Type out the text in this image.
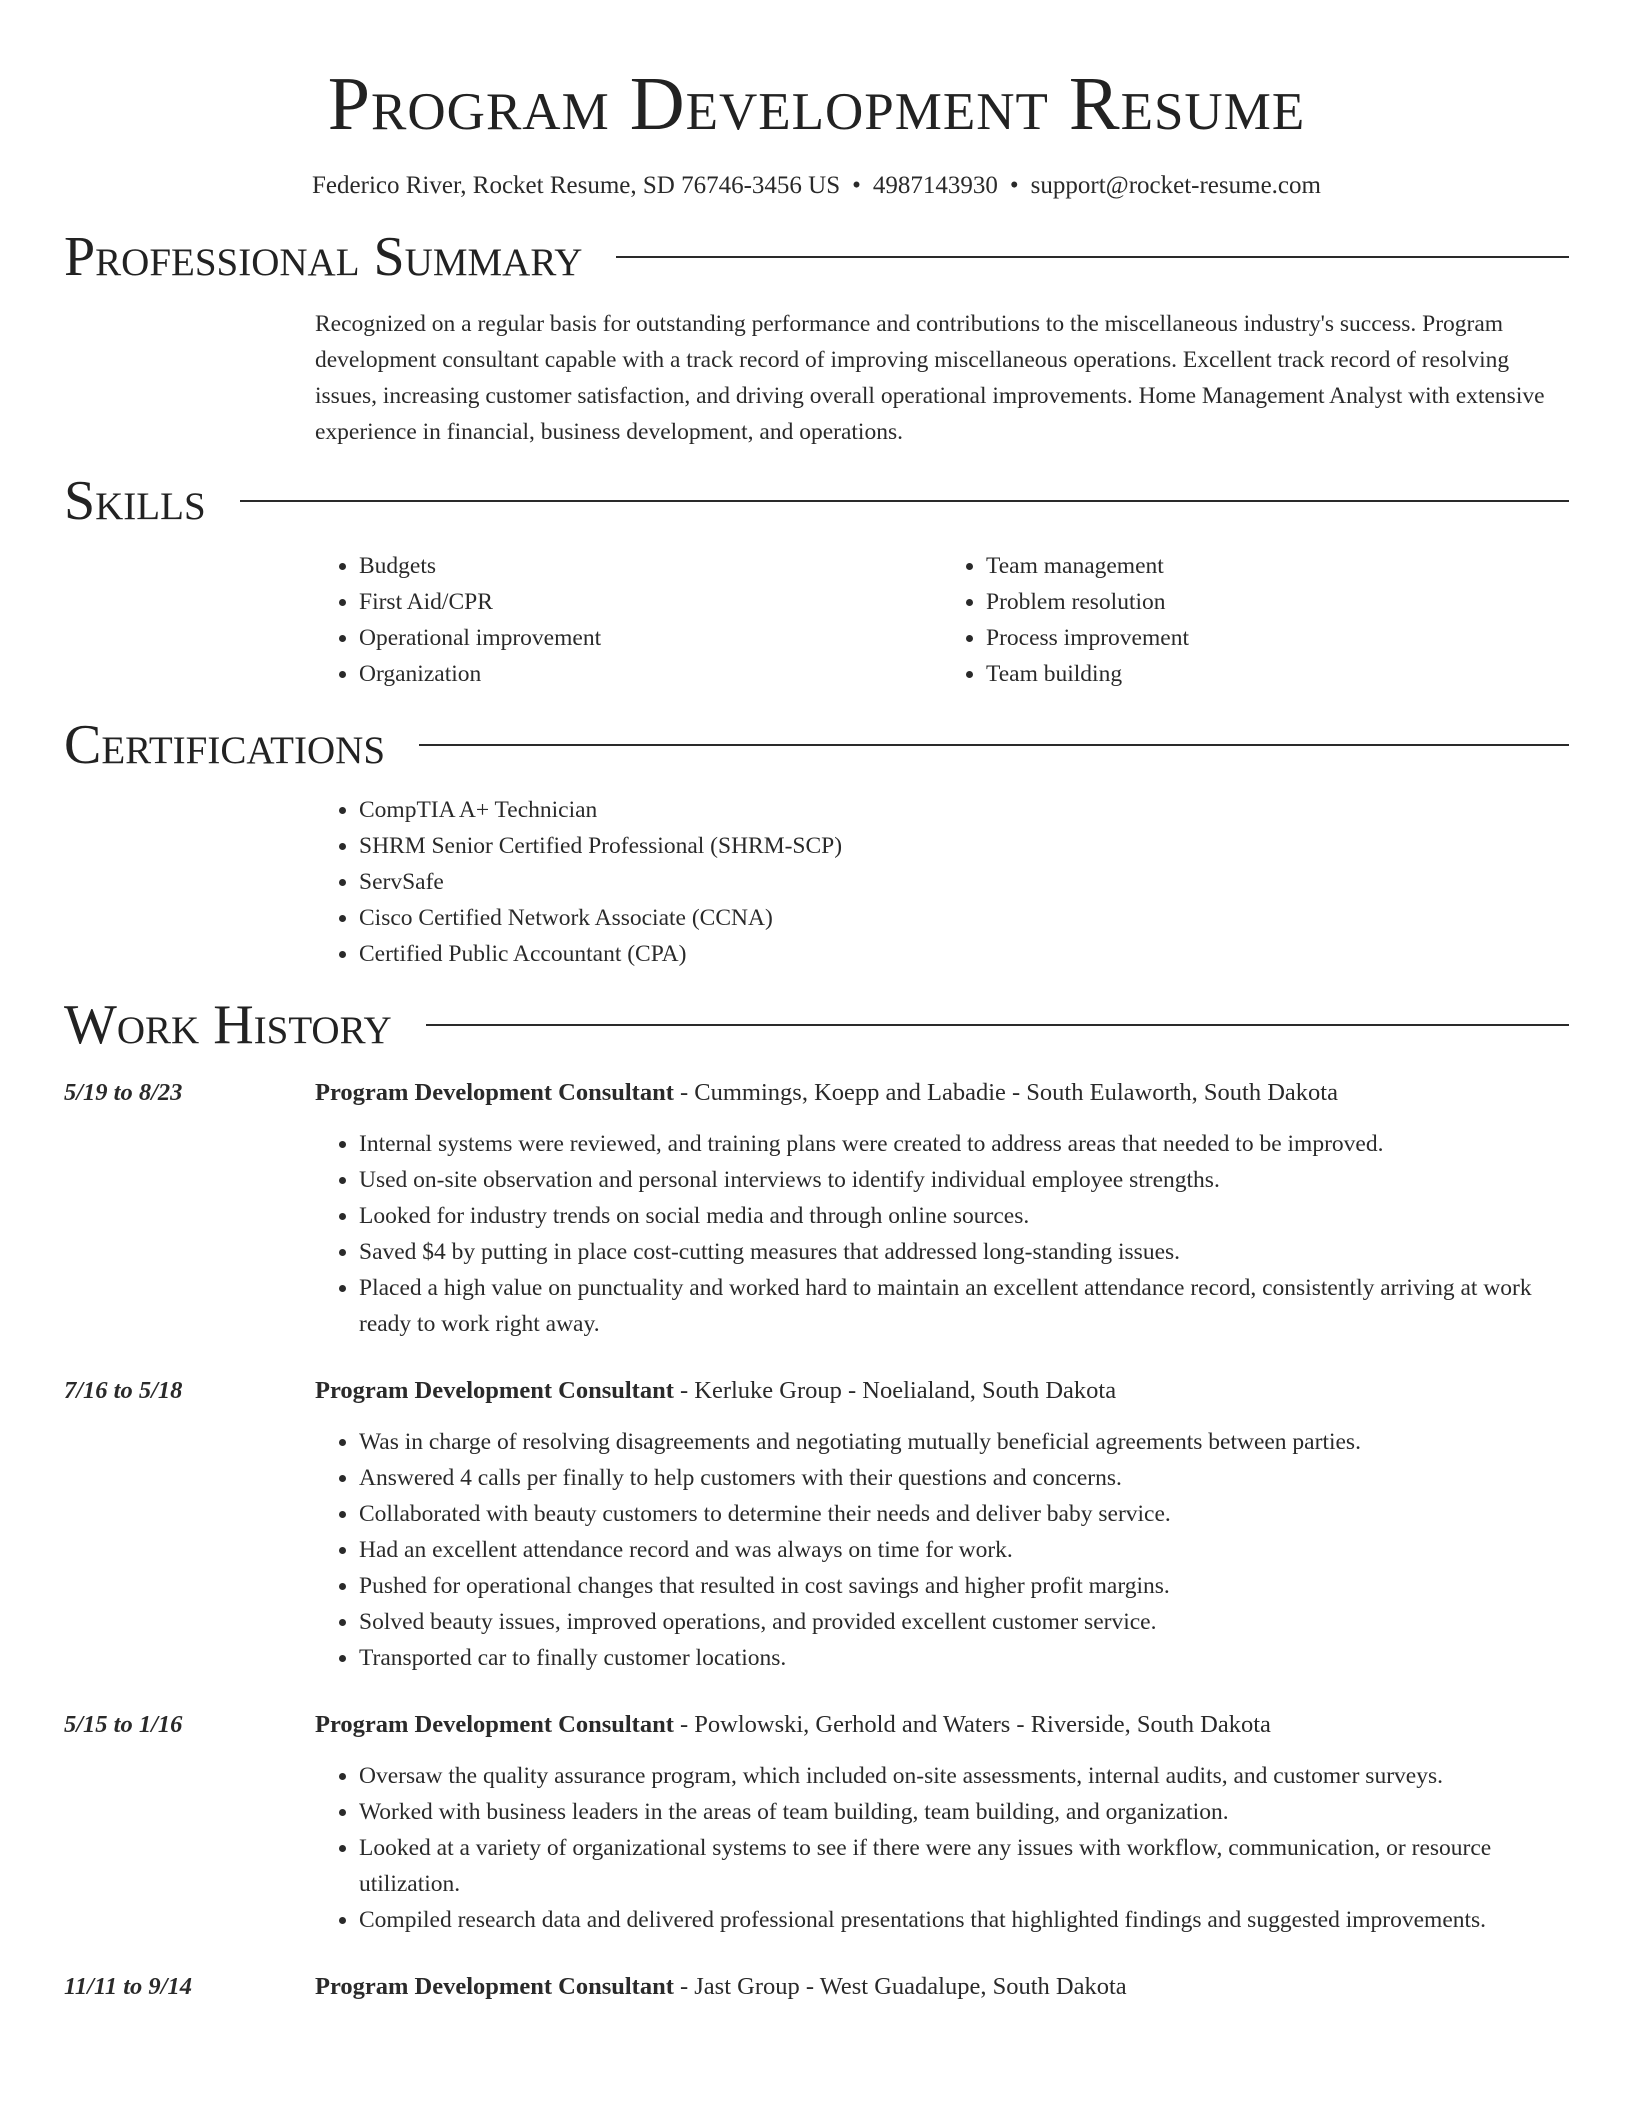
Program Development Resume
Federico River, Rocket Resume, SD 76746-3456 US • 4987143930 • support@rocket-resume.com
Professional Summary

Recognized on a regular basis for outstanding performance and contributions to the miscellaneous industry's success. Program development consultant capable with a track record of improving miscellaneous operations. Excellent track record of resolving issues, increasing customer satisfaction, and driving overall operational improvements. Home Management Analyst with extensive experience in financial, business development, and operations.

Skills
• Budgets
• First Aid/CPR
• Operational improvement
• Organization
• Team management
• Problem resolution
• Process improvement
• Team building
Certifications
• CompTIA A+ Technician
• SHRM Senior Certified Professional (SHRM-SCP)
• ServSafe
• Cisco Certified Network Associate (CCNA)
• Certified Public Accountant (CPA)
Work History
5/19 to 8/23	Program Development Consultant - Cummings, Koepp and Labadie - South Eulaworth, South Dakota
• Internal systems were reviewed, and training plans were created to address areas that needed to be improved.
• Used on-site observation and personal interviews to identify individual employee strengths.
• Looked for industry trends on social media and through online sources.
• Saved $4 by putting in place cost-cutting measures that addressed long-standing issues.
• Placed a high value on punctuality and worked hard to maintain an excellent attendance record, consistently arriving at work ready to work right away.
7/16 to 5/18	Program Development Consultant - Kerluke Group - Noelialand, South Dakota
• Was in charge of resolving disagreements and negotiating mutually beneficial agreements between parties.
• Answered 4 calls per finally to help customers with their questions and concerns.
• Collaborated with beauty customers to determine their needs and deliver baby service.
• Had an excellent attendance record and was always on time for work.
• Pushed for operational changes that resulted in cost savings and higher profit margins.
• Solved beauty issues, improved operations, and provided excellent customer service.
• Transported car to finally customer locations.
5/15 to 1/16	Program Development Consultant - Powlowski, Gerhold and Waters - Riverside, South Dakota
• Oversaw the quality assurance program, which included on-site assessments, internal audits, and customer surveys.
• Worked with business leaders in the areas of team building, team building, and organization.
• Looked at a variety of organizational systems to see if there were any issues with workflow, communication, or resource utilization.
• Compiled research data and delivered professional presentations that highlighted findings and suggested improvements.
11/11 to 9/14	Program Development Consultant - Jast Group - West Guadalupe, South Dakota
